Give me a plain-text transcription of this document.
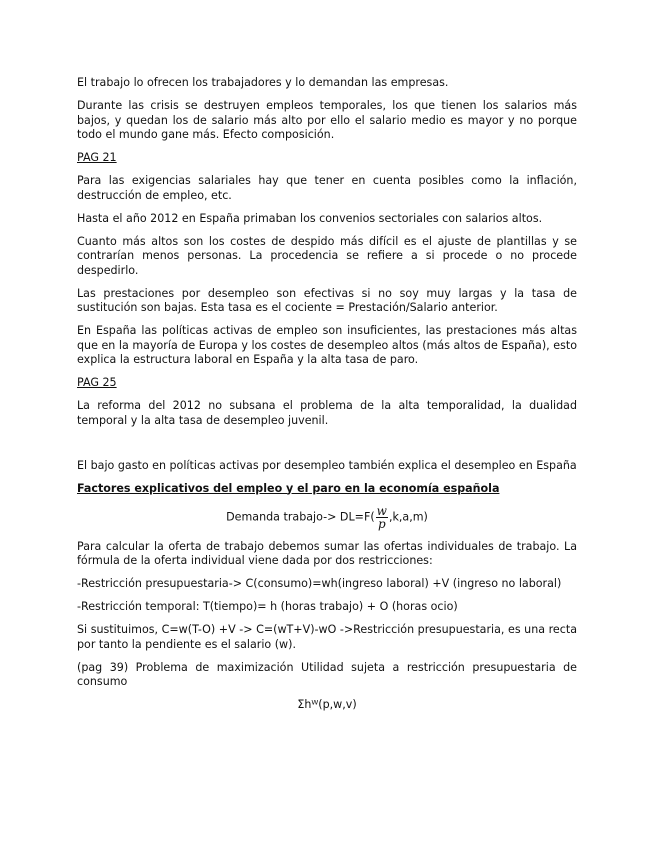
El trabajo lo ofrecen los trabajadores y lo demandan las empresas.

Durante las crisis se destruyen empleos temporales, los que tienen los salarios más bajos, y quedan los de salario más alto por ello el salario medio es mayor y no porque todo el mundo gane más. Efecto composición.

PAG 21

Para las exigencias salariales hay que tener en cuenta posibles como la inflación, destrucción de empleo, etc.

Hasta el año 2012 en España primaban los convenios sectoriales con salarios altos.

Cuanto más altos son los costes de despido más difícil es el ajuste de plantillas y se contrarían menos personas. La procedencia se refiere a si procede o no procede despedirlo.

Las prestaciones por desempleo son efectivas si no soy muy largas y la tasa de sustitución son bajas. Esta tasa es el cociente = Prestación/Salario anterior.

En España las políticas activas de empleo son insuficientes, las prestaciones más altas que en la mayoría de Europa y los costes de desempleo altos (más altos de España), esto explica la estructura laboral en España y la alta tasa de paro.

PAG 25

La reforma del 2012 no subsana el problema de la alta temporalidad, la dualidad temporal y la alta tasa de desempleo juvenil.

El bajo gasto en políticas activas por desempleo también explica el desempleo en España

Factores explicativos del empleo y el paro en la economía española

Demanda trabajo-> $DL=F( \frac{w}{p} ,k,a,m)$

Para calcular la oferta de trabajo debemos sumar las ofertas individuales de trabajo. La fórmula de la oferta individual viene dada por dos restricciones:

-Restricción presupuestaria-> C(consumo)=wh(ingreso laboral) +V (ingreso no laboral)

-Restricción temporal: T(tiempo)= h (horas trabajo) + O (horas ocio)

Si sustituimos, C=w(T-O) +V -> C=(wT+V)-wO ->Restricción presupuestaria, es una recta por tanto la pendiente es el salario (w).

(pag 39) Problema de maximización Utilidad sujeta a restricción presupuestaria de consumo

Σhᵂ(p,w,v)
